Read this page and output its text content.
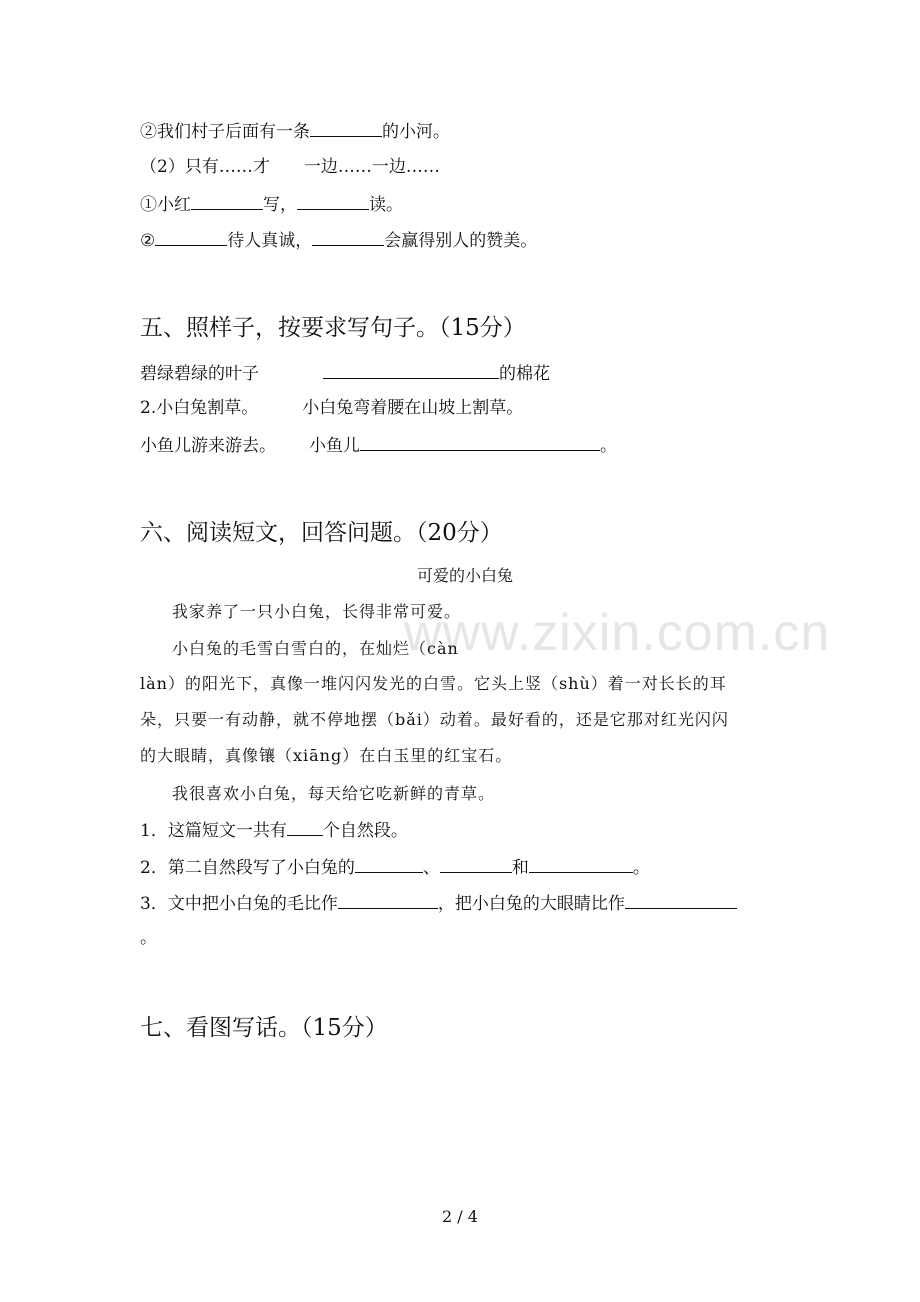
www.zixin.com.cn
②我们村子后面有一条	的小河。
（2）只有……才　　一边……一边……
①小红	写，	读。
②	待人真诚，	会赢得别人的赞美。
五、照样子，按要求写句子。（15分）
碧绿碧绿的叶子	的棉花
2.小白兔割草。	小白兔弯着腰在山坡上割草。
小鱼儿游来游去。 小鱼儿	。
六、阅读短文，回答问题。（20分）
可爱的小白兔
我家养了一只小白兔，长得非常可爱。
小白兔的毛雪白雪白的，在灿烂（càn
làn）的阳光下，真像一堆闪闪发光的白雪。它头上竖（shù）着一对长长的耳
朵，只要一有动静，就不停地摆（bǎi）动着。最好看的，还是它那对红光闪闪
的大眼睛，真像镶（xiāng）在白玉里的红宝石。
我很喜欢小白兔，每天给它吃新鲜的青草。
1．这篇短文一共有 个自然段。
2．第二自然段写了小白兔的	、	和	。
3．文中把小白兔的毛比作	，把小白兔的大眼睛比作
。
七、看图写话。（15分）
2 / 4
